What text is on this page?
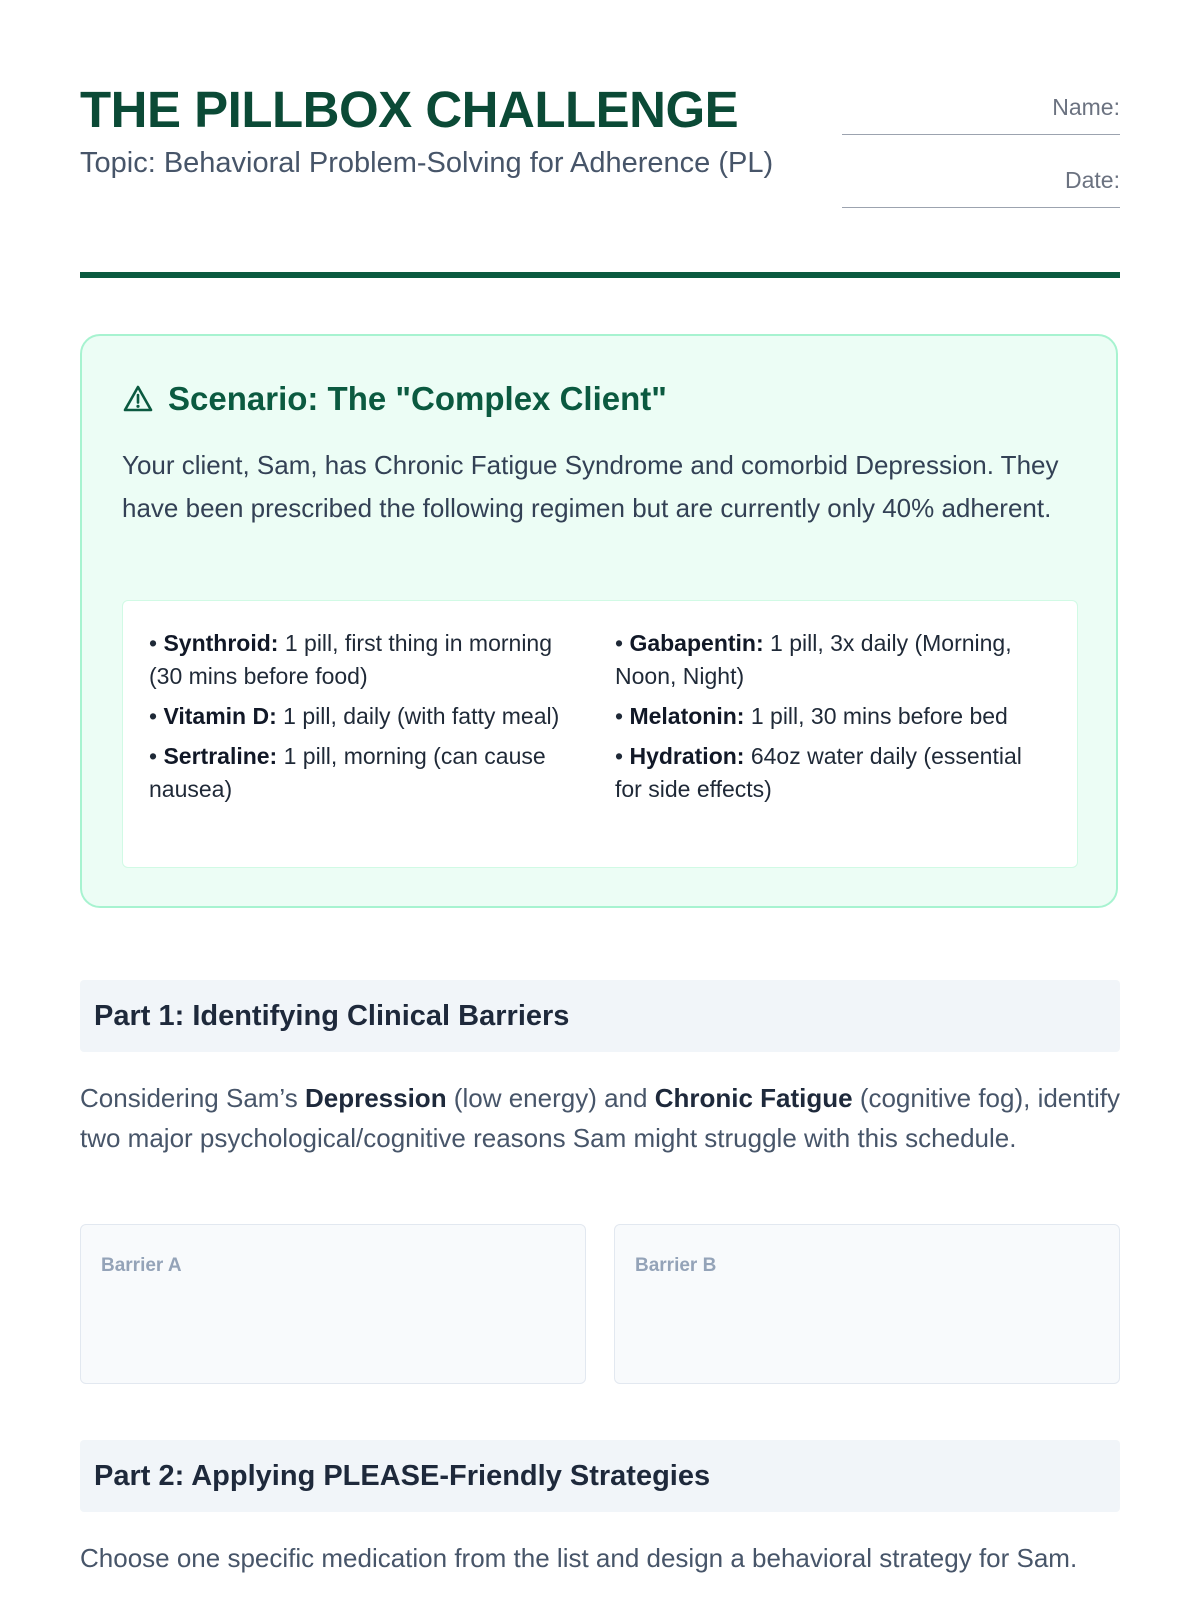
THE PILLBOX CHALLENGE

Topic: Behavioral Problem-Solving for Adherence (PL)

Name:
Date:
Scenario: The "Complex Client"
Your client, Sam, has Chronic Fatigue Syndrome and comorbid Depression. They have been prescribed the following regimen but are currently only 40% adherent.
• Synthroid: 1 pill, first thing in morning (30 mins before food)
• Vitamin D: 1 pill, daily (with fatty meal)
• Sertraline: 1 pill, morning (can cause nausea)
• Gabapentin: 1 pill, 3x daily (Morning, Noon, Night)
• Melatonin: 1 pill, 30 mins before bed
• Hydration: 64oz water daily (essential for side effects)
Part 1: Identifying Clinical Barriers
Considering Sam’s Depression (low energy) and Chronic Fatigue (cognitive fog), identify two major psychological/cognitive reasons Sam might struggle with this schedule.
Barrier A	Barrier B
Part 2: Applying PLEASE-Friendly Strategies
Choose one specific medication from the list and design a behavioral strategy for Sam.
